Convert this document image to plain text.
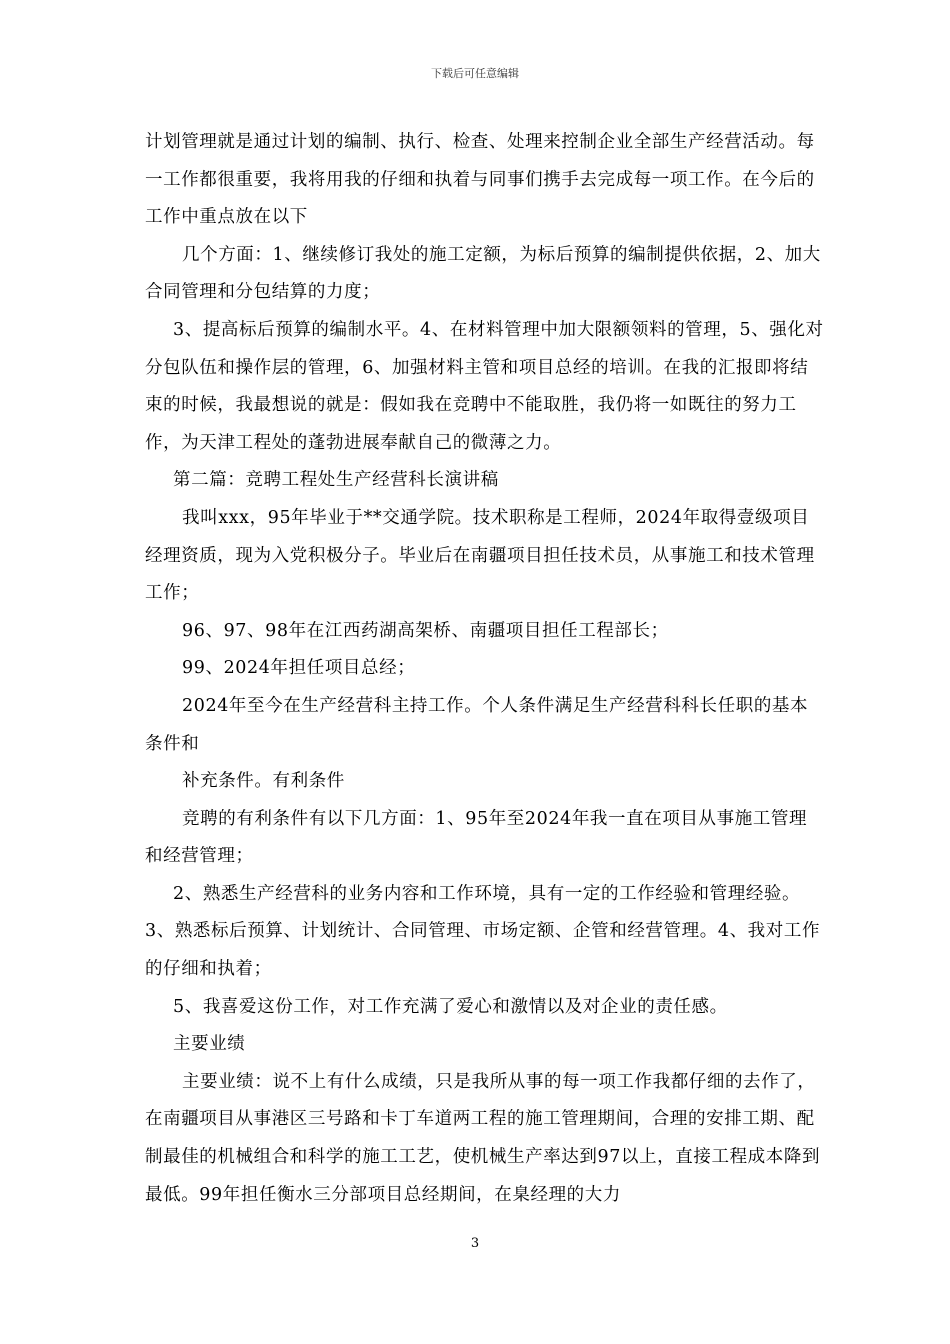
下载后可任意编辑

计划管理就是通过计划的编制、执行、检查、处理来控制企业全部生产经营活动。每一工作都很重要，我将用我的仔细和执着与同事们携手去完成每一项工作。在今后的工作中重点放在以下

几个方面：1、继续修订我处的施工定额，为标后预算的编制提供依据，2、加大合同管理和分包结算的力度；

3、提高标后预算的编制水平。4、在材料管理中加大限额领料的管理，5、强化对分包队伍和操作层的管理，6、加强材料主管和项目总经的培训。在我的汇报即将结束的时候，我最想说的就是：假如我在竞聘中不能取胜，我仍将一如既往的努力工作，为天津工程处的蓬勃进展奉献自己的微薄之力。

第二篇：竞聘工程处生产经营科长演讲稿

我叫xxx，95年毕业于**交通学院。技术职称是工程师，2024年取得壹级项目经理资质，现为入党积极分子。毕业后在南疆项目担任技术员，从事施工和技术管理工作；

96、97、98年在江西药湖高架桥、南疆项目担任工程部长；

99、2024年担任项目总经；

2024年至今在生产经营科主持工作。个人条件满足生产经营科科长任职的基本条件和

补充条件。有利条件

竞聘的有利条件有以下几方面：1、95年至2024年我一直在项目从事施工管理和经营管理；

2、熟悉生产经营科的业务内容和工作环境，具有一定的工作经验和管理经验。3、熟悉标后预算、计划统计、合同管理、市场定额、企管和经营管理。4、我对工作的仔细和执着；

5、我喜爱这份工作，对工作充满了爱心和激情以及对企业的责任感。

主要业绩

主要业绩：说不上有什么成绩，只是我所从事的每一项工作我都仔细的去作了，在南疆项目从事港区三号路和卡丁车道两工程的施工管理期间，合理的安排工期、配制最佳的机械组合和科学的施工工艺，使机械生产率达到97以上，直接工程成本降到最低。99年担任衡水三分部项目总经期间，在臬经理的大力

3
